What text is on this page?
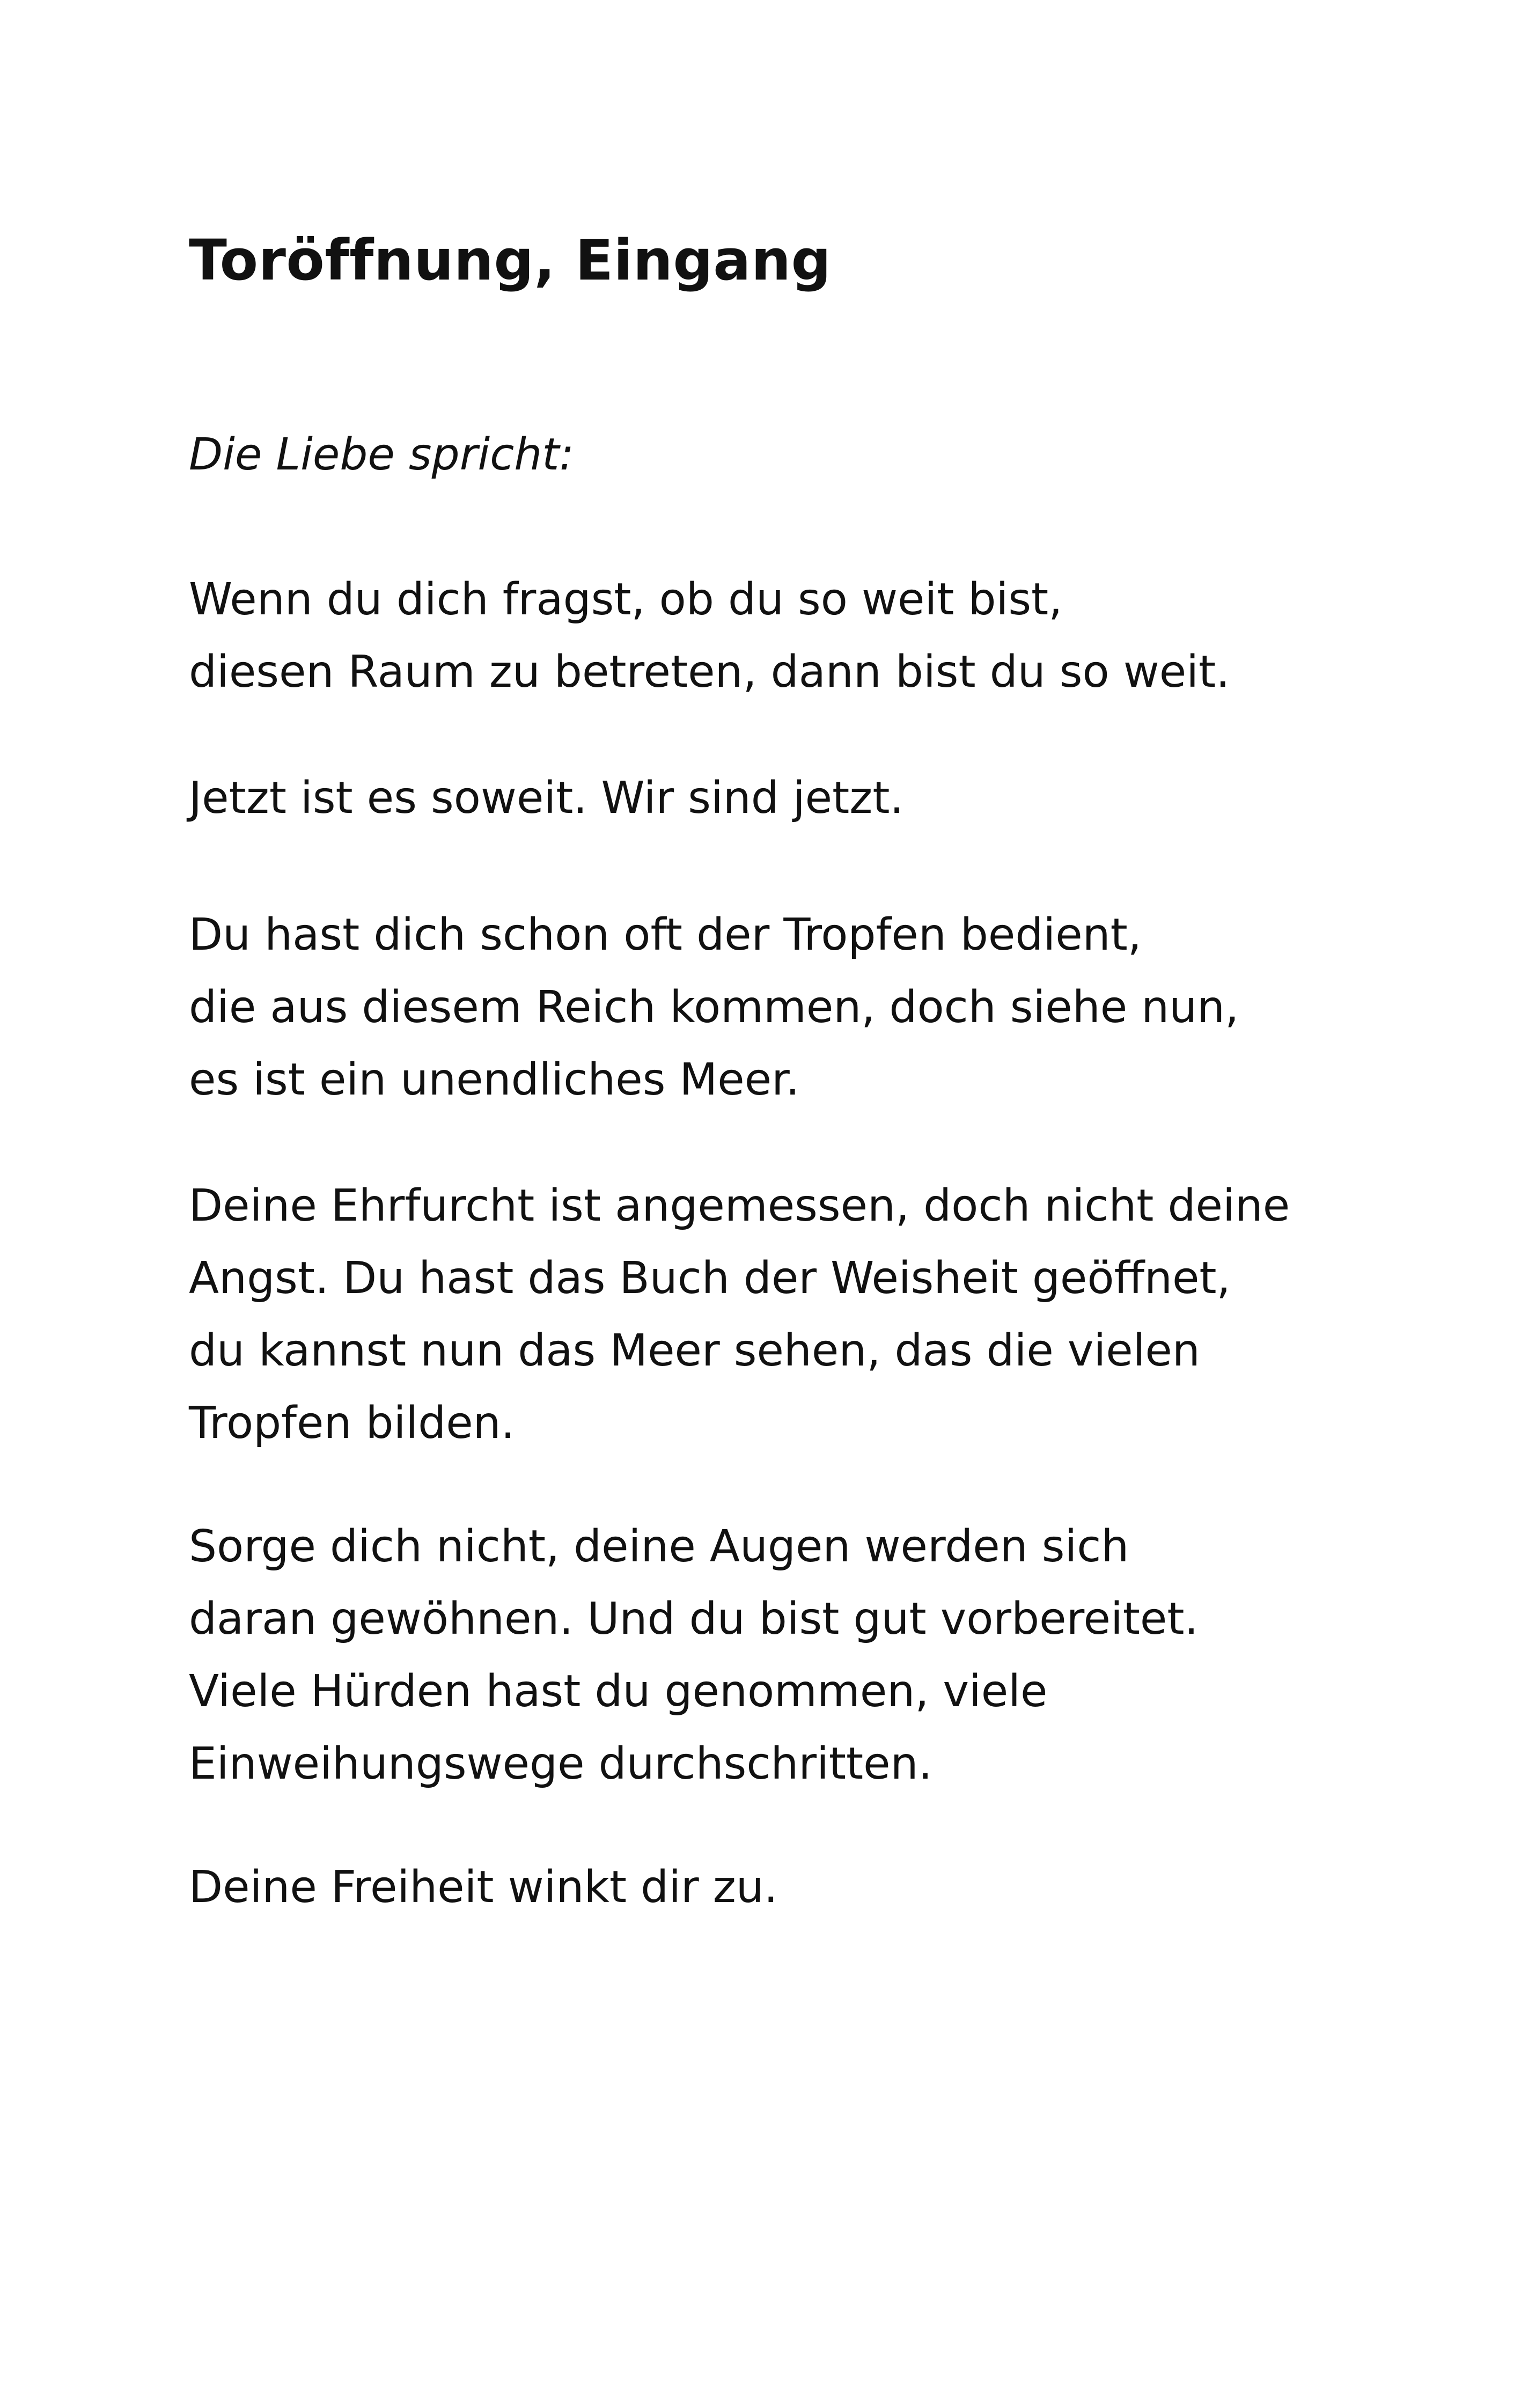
Toröffnung, Eingang

Die Liebe spricht:

Wenn du dich fragst, ob du so weit bist,
diesen Raum zu betreten, dann bist du so weit.

Jetzt ist es soweit. Wir sind jetzt.

Du hast dich schon oft der Tropfen bedient,
die aus diesem Reich kommen, doch siehe nun,
es ist ein unendliches Meer.

Deine Ehrfurcht ist angemessen, doch nicht deine
Angst. Du hast das Buch der Weisheit geöffnet,
du kannst nun das Meer sehen, das die vielen
Tropfen bilden.

Sorge dich nicht, deine Augen werden sich
daran gewöhnen. Und du bist gut vorbereitet.
Viele Hürden hast du genommen, viele
Einweihungswege durchschritten.

Deine Freiheit winkt dir zu.
